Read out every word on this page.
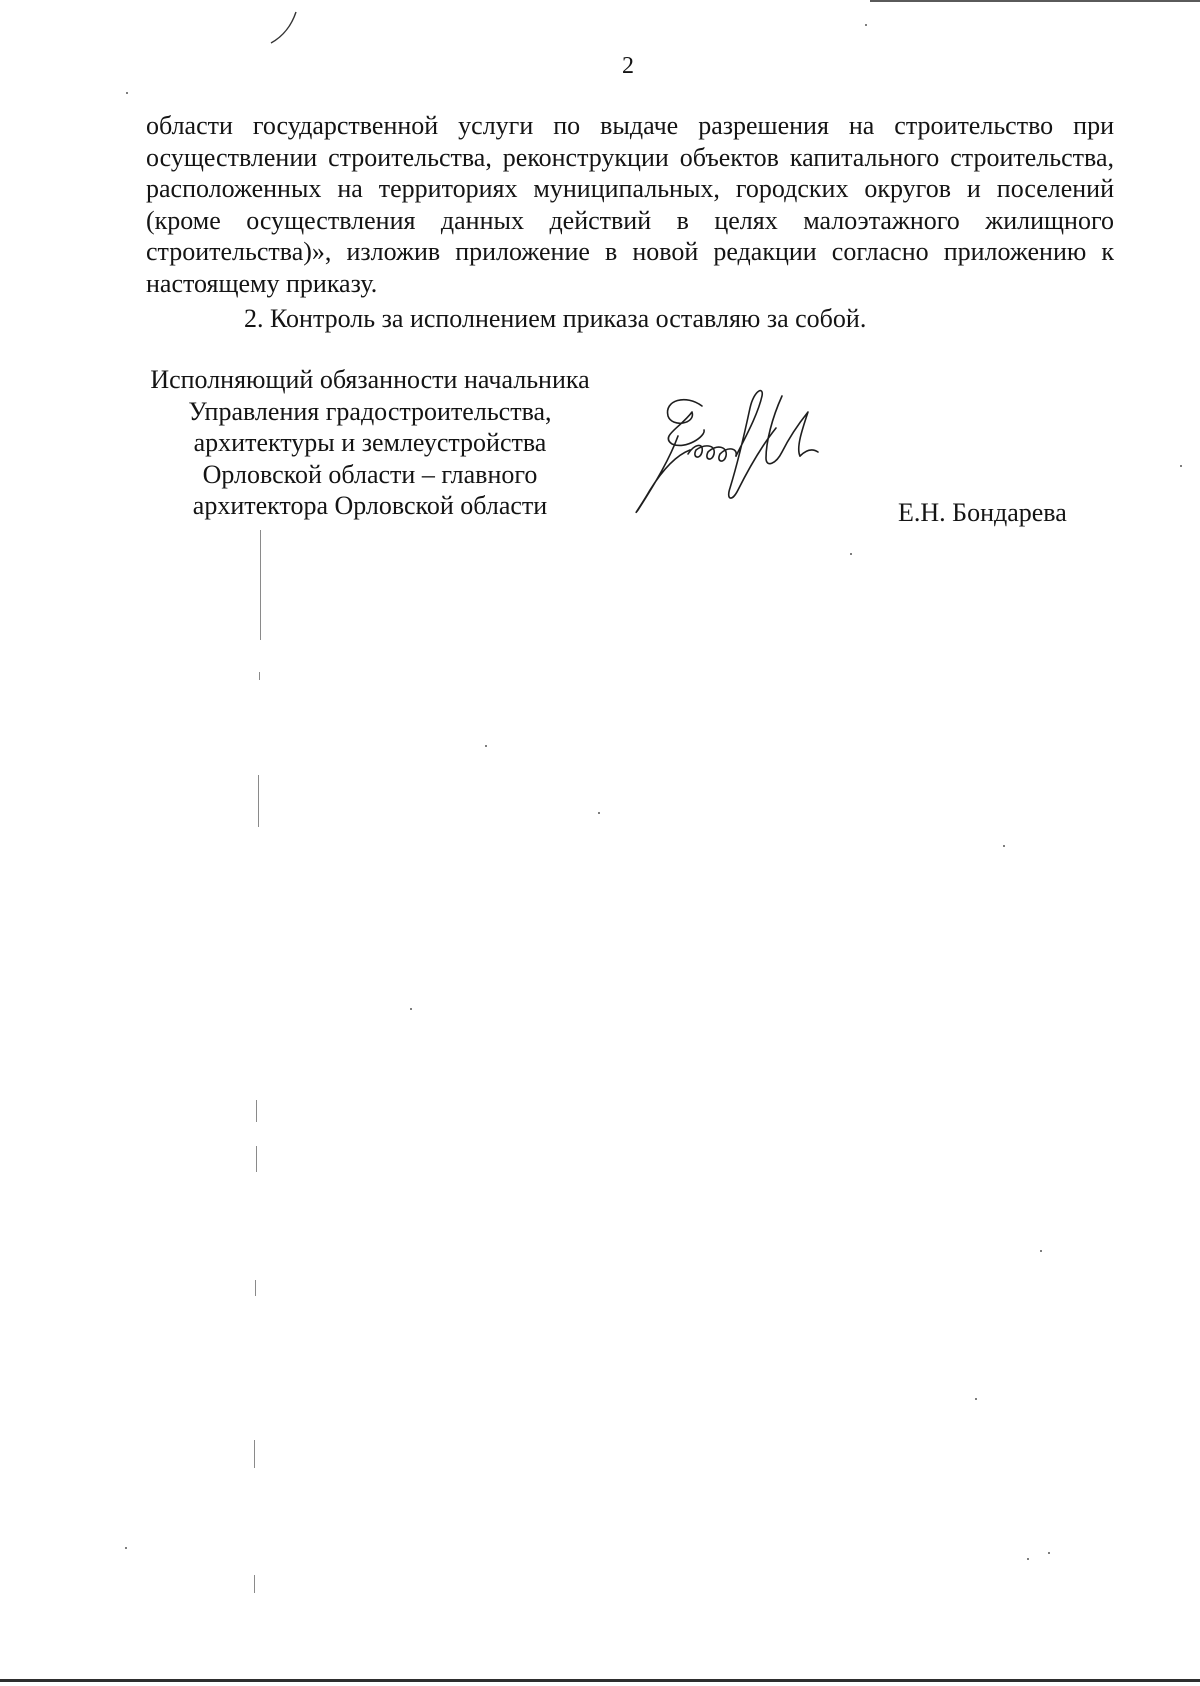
2

области государственной услуги по выдаче разрешения на строительство при осуществлении строительства, реконструкции объектов капитального строительства, расположенных на территориях муниципальных, городских округов и поселений (кроме осуществления данных действий в целях малоэтажного жилищного строительства)», изложив приложение в новой редакции согласно приложению к настоящему приказу.

2. Контроль за исполнением приказа оставляю за собой.

Исполняющий обязанности начальника
Управления градостроительства,
архитектуры и землеустройства
Орловской области – главного
архитектора Орловской области	Е.Н. Бондарева
